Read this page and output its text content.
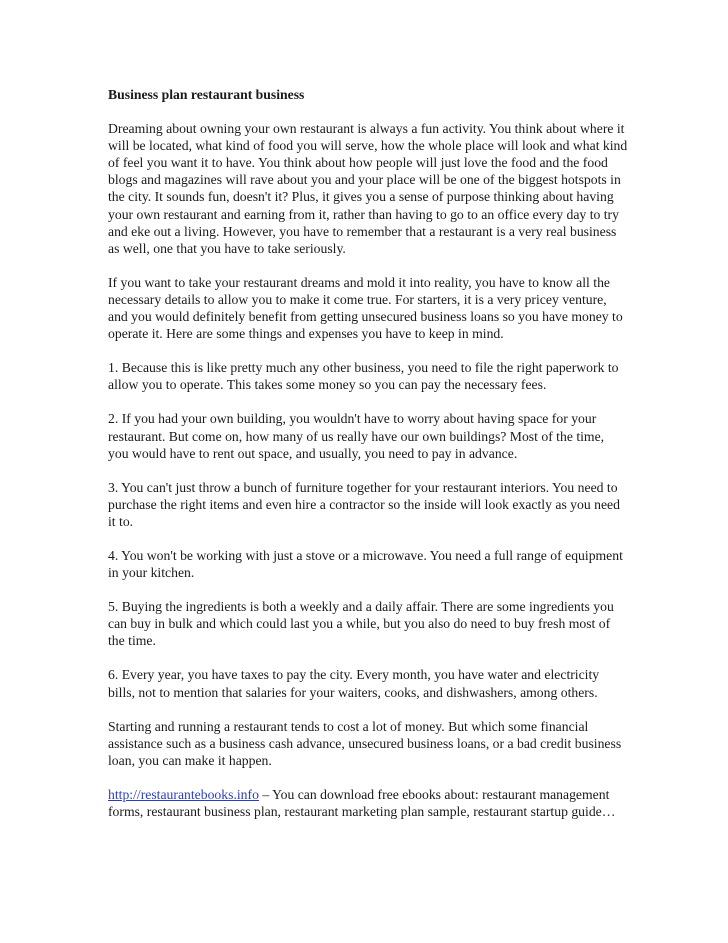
Business plan restaurant business

Dreaming about owning your own restaurant is always a fun activity. You think about where it will be located, what kind of food you will serve, how the whole place will look and what kind of feel you want it to have. You think about how people will just love the food and the food blogs and magazines will rave about you and your place will be one of the biggest hotspots in the city. It sounds fun, doesn't it? Plus, it gives you a sense of purpose thinking about having your own restaurant and earning from it, rather than having to go to an office every day to try and eke out a living. However, you have to remember that a restaurant is a very real business as well, one that you have to take seriously.

If you want to take your restaurant dreams and mold it into reality, you have to know all the necessary details to allow you to make it come true. For starters, it is a very pricey venture, and you would definitely benefit from getting unsecured business loans so you have money to operate it. Here are some things and expenses you have to keep in mind.

1. Because this is like pretty much any other business, you need to file the right paperwork to allow you to operate. This takes some money so you can pay the necessary fees.

2. If you had your own building, you wouldn't have to worry about having space for your restaurant. But come on, how many of us really have our own buildings? Most of the time, you would have to rent out space, and usually, you need to pay in advance.

3. You can't just throw a bunch of furniture together for your restaurant interiors. You need to purchase the right items and even hire a contractor so the inside will look exactly as you need it to.

4. You won't be working with just a stove or a microwave. You need a full range of equipment in your kitchen.

5. Buying the ingredients is both a weekly and a daily affair. There are some ingredients you can buy in bulk and which could last you a while, but you also do need to buy fresh most of the time.

6. Every year, you have taxes to pay the city. Every month, you have water and electricity bills, not to mention that salaries for your waiters, cooks, and dishwashers, among others.

Starting and running a restaurant tends to cost a lot of money. But which some financial assistance such as a business cash advance, unsecured business loans, or a bad credit business loan, you can make it happen.

http://restaurantebooks.info – You can download free ebooks about: restaurant management forms, restaurant business plan, restaurant marketing plan sample, restaurant startup guide…
